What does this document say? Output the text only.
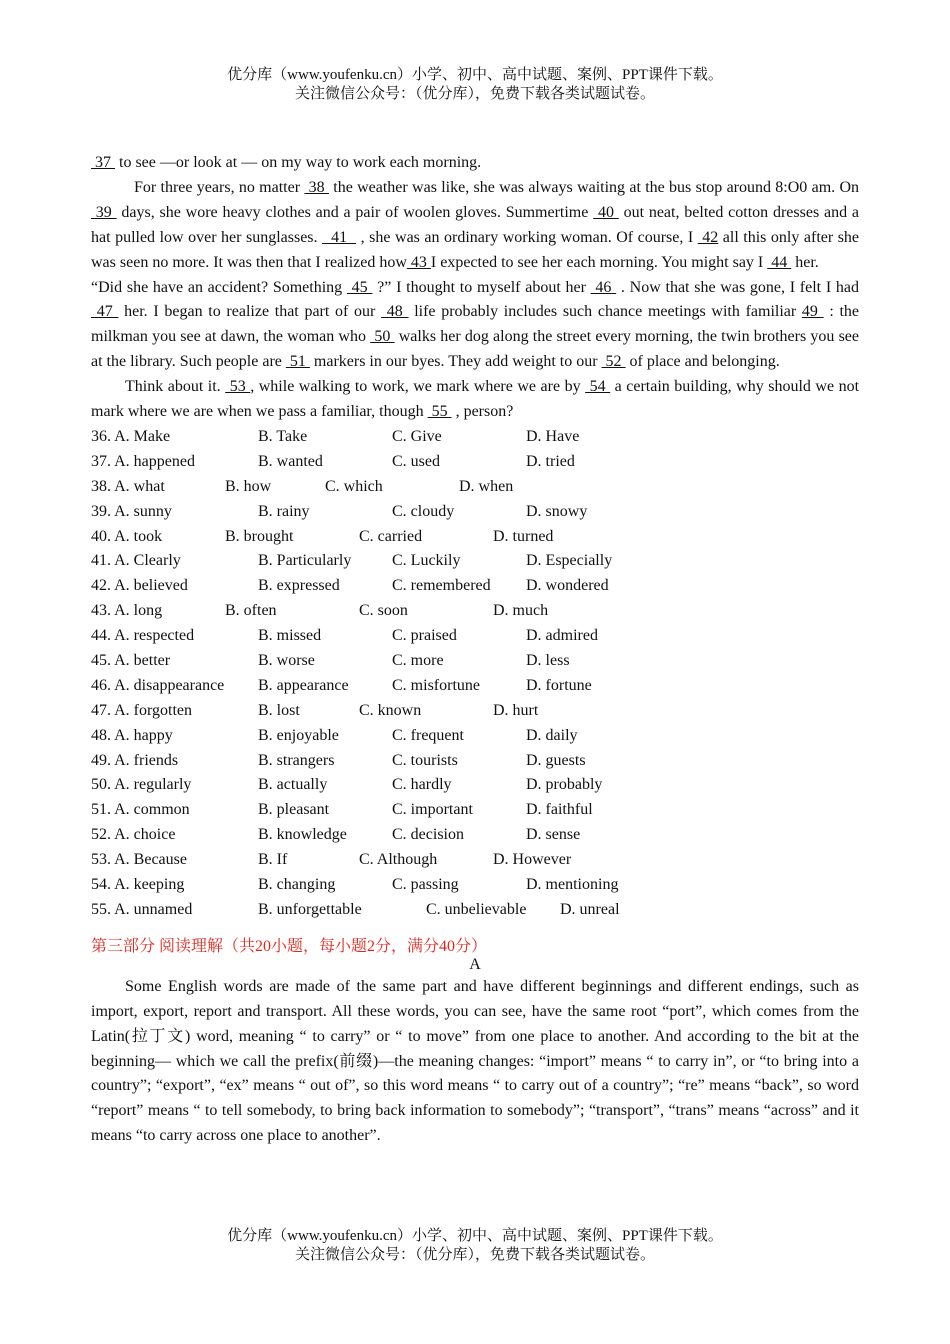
优分库（www.youfenku.cn）小学、初中、高中试题、案例、PPT课件下载。
关注微信公众号：（优分库），免费下载各类试题试卷。

37  to see —or look at — on my way to work each morning.

For three years, no matter  38  the weather was like, she was always waiting at the bus stop around 8:O0 am. On  39  days, she wore heavy clothes and a pair of woolen gloves. Summertime  40  out neat, belted cotton dresses and a hat pulled low over her sunglasses.   41   , she was an ordinary working woman. Of course, I  42 all this only after she was seen no more. It was then that I realized how 43 I expected to see her each morning. You might say I  44  her.

“Did she have an accident? Something  45  ?” I thought to myself about her  46  . Now that she was gone, I felt I had  47  her. I began to realize that part of our  48  life probably includes such chance meetings with familiar 49  : the milkman you see at dawn, the woman who  50  walks her dog along the street every morning, the twin brothers you see at the library. Such people are  51  markers in our byes. They add weight to our  52  of place and belonging.

Think about it.  53 , while walking to work, we mark where we are by  54  a certain building, why should we not mark where we are when we pass a familiar, though  55  , person?

36. A. Make	B. Take	C. Give	D. Have
37. A. happened	B. wanted	C. used	D. tried
38. A. what	B. how	C. which	D. when
39. A. sunny	B. rainy	C. cloudy	D. snowy
40. A. took	B. brought	C. carried	D. turned
41. A. Clearly	B. Particularly	C. Luckily	D. Especially
42. A. believed	B. expressed	C. remembered D. wondered
43. A. long	B. often	C. soon	D. much
44. A. respected	B. missed	C. praised	D. admired
45. A. better	B. worse	C. more	D. less
46. A. disappearance B. appearance	C. misfortune	D. fortune
47. A. forgotten	B. lost	C. known	D. hurt
48. A. happy	B. enjoyable	C. frequent	D. daily
49. A. friends	B. strangers	C. tourists	D. guests
50. A. regularly	B. actually	C. hardly	D. probably
51. A. common	B. pleasant	C. important	D. faithful
52. A. choice	B. knowledge	C. decision	D. sense
53. A. Because	B. If	C. Although	D. However
54. A. keeping	B. changing	C. passing	D. mentioning
55. A. unnamed	B. unforgettable	C. unbelievable D. unreal
第三部分 阅读理解（共20小题，每小题2分，满分40分）
A

Some English words are made of the same part and have different beginnings and different endings, such as import, export, report and transport. All these words, you can see, have the same root “port”, which comes from the Latin(拉丁文) word, meaning “ to carry” or “ to move” from one place to another. And according to the bit at the beginning— which we call the prefix(前缀)—the meaning changes: “import” means “ to carry in”, or “to bring into a country”; “export”, “ex” means “ out of”, so this word means “ to carry out of a country”; “re” means “back”, so word “report” means “ to tell somebody, to bring back information to somebody”; “transport”, “trans” means “across” and it means “to carry across one place to another”.

优分库（www.youfenku.cn）小学、初中、高中试题、案例、PPT课件下载。
关注微信公众号：（优分库），免费下载各类试题试卷。
